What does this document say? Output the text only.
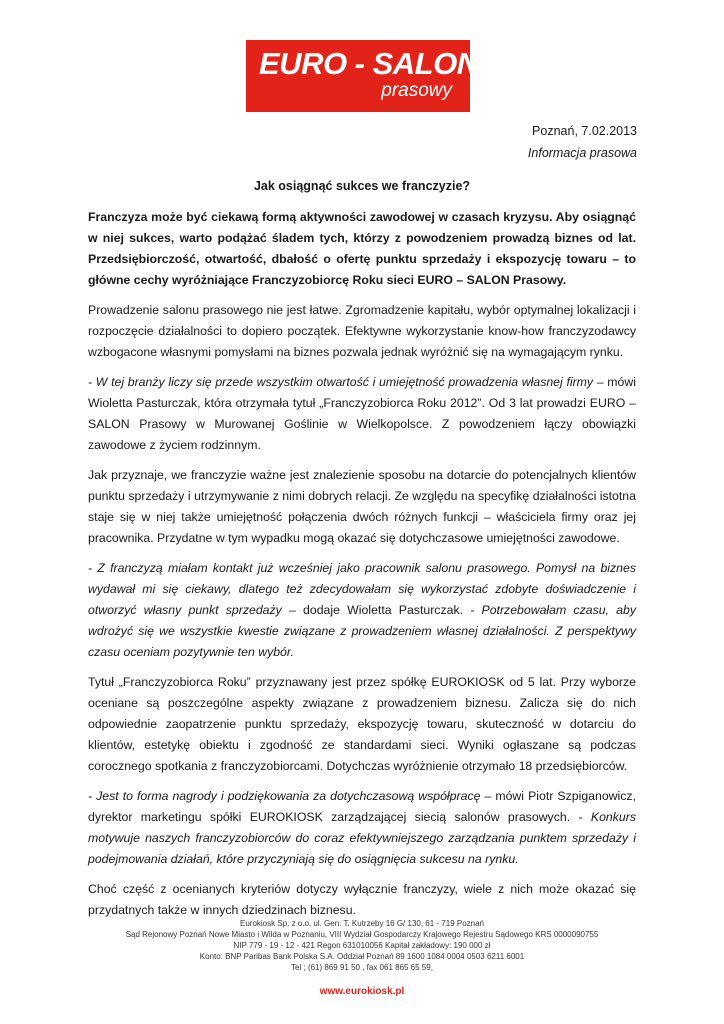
EURO - SALON
prasowy
Poznań, 7.02.2013
Informacja prasowa
Jak osiągnąć sukces we franczyzie?

Franczyza może być ciekawą formą aktywności zawodowej w czasach kryzysu. Aby osiągnąć w niej sukces, warto podążać śladem tych, którzy z powodzeniem prowadzą biznes od lat. Przedsiębiorczość, otwartość, dbałość o ofertę punktu sprzedaży i ekspozycję towaru – to główne cechy wyróżniające Franczyzobiorcę Roku sieci EURO – SALON Prasowy.

Prowadzenie salonu prasowego nie jest łatwe. Zgromadzenie kapitału, wybór optymalnej lokalizacji i rozpoczęcie działalności to dopiero początek. Efektywne wykorzystanie know-how franczyzodawcy wzbogacone własnymi pomysłami na biznes pozwala jednak wyróżnić się na wymagającym rynku.

- W tej branży liczy się przede wszystkim otwartość i umiejętność prowadzenia własnej firmy – mówi Wioletta Pasturczak, która otrzymała tytuł „Franczyzobiorca Roku 2012”. Od 3 lat prowadzi EURO – SALON Prasowy w Murowanej Goślinie w Wielkopolsce. Z powodzeniem łączy obowiązki zawodowe z życiem rodzinnym.

Jak przyznaje, we franczyzie ważne jest znalezienie sposobu na dotarcie do potencjalnych klientów punktu sprzedaży i utrzymywanie z nimi dobrych relacji. Ze względu na specyfikę działalności istotna staje się w niej także umiejętność połączenia dwóch różnych funkcji – właściciela firmy oraz jej pracownika. Przydatne w tym wypadku mogą okazać się dotychczasowe umiejętności zawodowe.

- Z franczyzą miałam kontakt już wcześniej jako pracownik salonu prasowego. Pomysł na biznes wydawał mi się ciekawy, dlatego też zdecydowałam się wykorzystać zdobyte doświadczenie i otworzyć własny punkt sprzedaży – dodaje Wioletta Pasturczak. - Potrzebowałam czasu, aby wdrożyć się we wszystkie kwestie związane z prowadzeniem własnej działalności. Z perspektywy czasu oceniam pozytywnie ten wybór.

Tytuł „Franczyzobiorca Roku” przyznawany jest przez spółkę EUROKIOSK od 5 lat. Przy wyborze oceniane są poszczególne aspekty związane z prowadzeniem biznesu. Zalicza się do nich odpowiednie zaopatrzenie punktu sprzedaży, ekspozycję towaru, skuteczność w dotarciu do klientów, estetykę obiektu i zgodność ze standardami sieci. Wyniki ogłaszane są podczas corocznego spotkania z franczyzobiorcami. Dotychczas wyróżnienie otrzymało 18 przedsiębiorców.

- Jest to forma nagrody i podziękowania za dotychczasową współpracę – mówi Piotr Szpiganowicz, dyrektor marketingu spółki EUROKIOSK zarządzającej siecią salonów prasowych. - Konkurs motywuje naszych franczyzobiorców do coraz efektywniejszego zarządzania punktem sprzedaży i podejmowania działań, które przyczyniają się do osiągnięcia sukcesu na rynku.

Choć część z ocenianych kryteriów dotyczy wyłącznie franczyzy, wiele z nich może okazać się przydatnych także w innych dziedzinach biznesu.

Eurokiosk Sp. z o.o. ul. Gen. T. Kutrzeby 16 G/ 130, 61 - 719 Poznań
Sąd Rejonowy Poznań Nowe Miasto i Wilda w Poznaniu, VIII Wydział Gospodarczy Krajowego Rejestru Sądowego KRS 0000090755
NIP 779 - 19 - 12 - 421 Regon 631010056 Kapitał zakładowy: 190 000 zł
Konto: BNP Paribas Bank Polska S.A. Oddział Poznań 89 1600 1084 0004 0503 6211 6001
Tel ; (61) 869 91 50 , fax 061 865 65 59,
www.eurokiosk.pl
